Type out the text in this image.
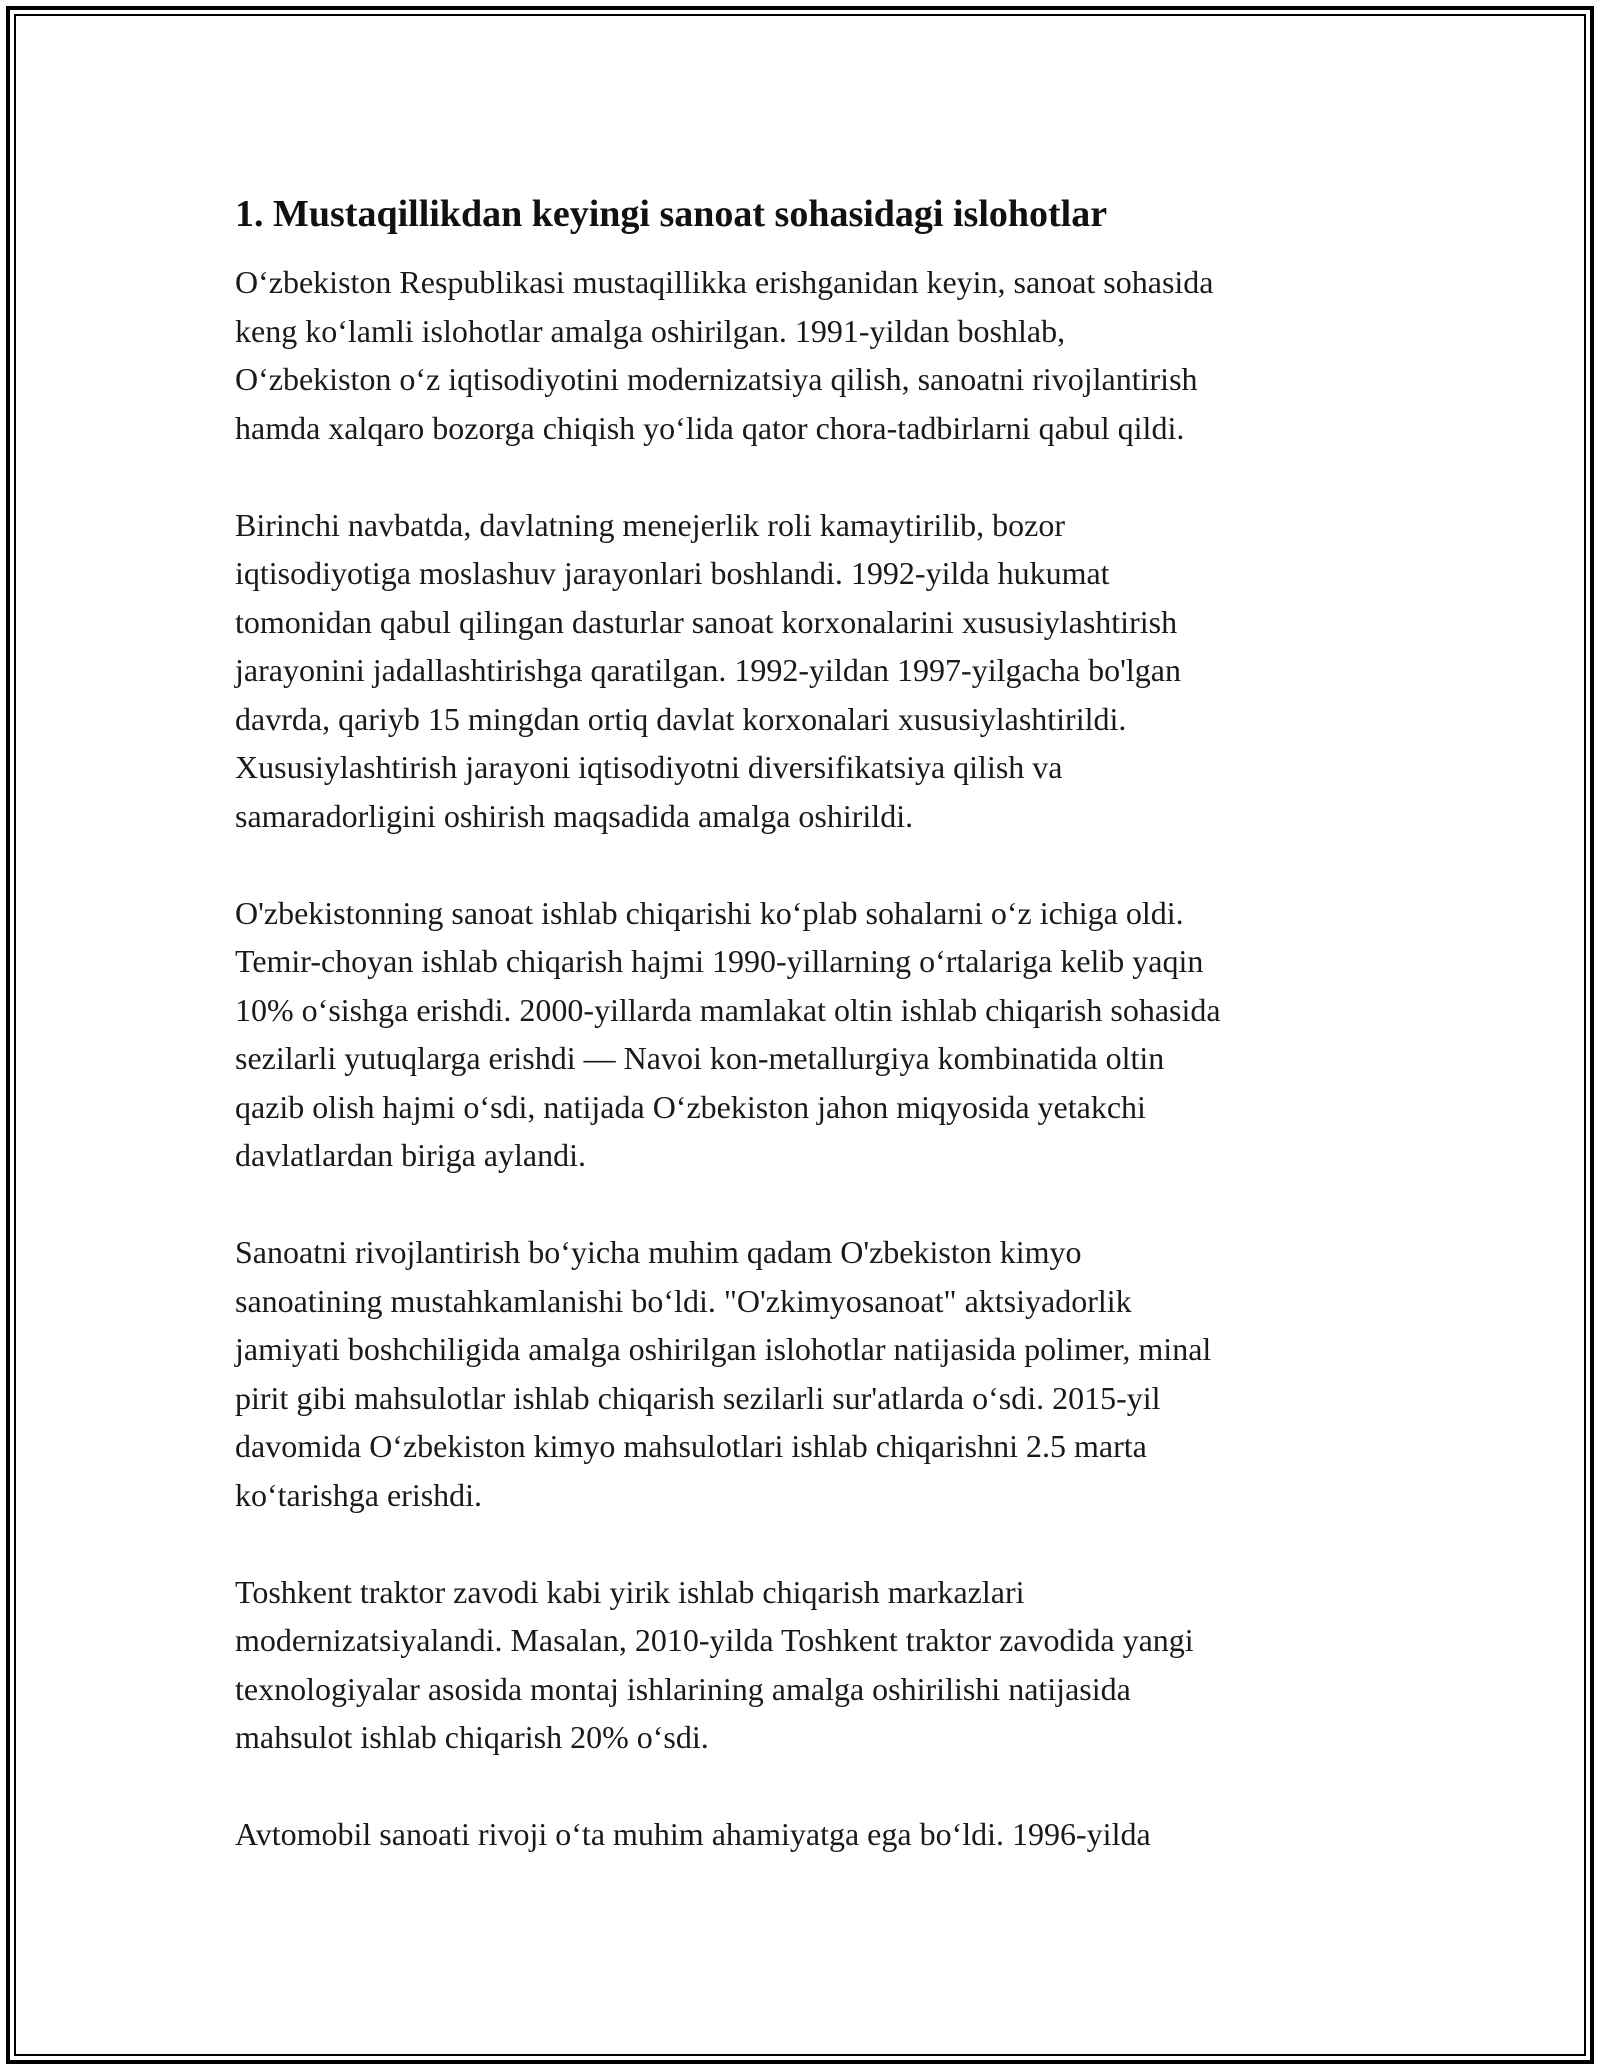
1. Mustaqillikdan keyingi sanoat sohasidagi islohotlar

O‘zbekiston Respublikasi mustaqillikka erishganidan keyin, sanoat sohasida
keng ko‘lamli islohotlar amalga oshirilgan. 1991-yildan boshlab,
O‘zbekiston o‘z iqtisodiyotini modernizatsiya qilish, sanoatni rivojlantirish
hamda xalqaro bozorga chiqish yo‘lida qator chora-tadbirlarni qabul qildi.

Birinchi navbatda, davlatning menejerlik roli kamaytirilib, bozor
iqtisodiyotiga moslashuv jarayonlari boshlandi. 1992-yilda hukumat
tomonidan qabul qilingan dasturlar sanoat korxonalarini xususiylashtirish
jarayonini jadallashtirishga qaratilgan. 1992-yildan 1997-yilgacha bo'lgan
davrda, qariyb 15 mingdan ortiq davlat korxonalari xususiylashtirildi.
Xususiylashtirish jarayoni iqtisodiyotni diversifikatsiya qilish va
samaradorligini oshirish maqsadida amalga oshirildi.

O'zbekistonning sanoat ishlab chiqarishi ko‘plab sohalarni o‘z ichiga oldi.
Temir-choyan ishlab chiqarish hajmi 1990-yillarning o‘rtalariga kelib yaqin
10% o‘sishga erishdi. 2000-yillarda mamlakat oltin ishlab chiqarish sohasida
sezilarli yutuqlarga erishdi — Navoi kon-metallurgiya kombinatida oltin
qazib olish hajmi o‘sdi, natijada O‘zbekiston jahon miqyosida yetakchi
davlatlardan biriga aylandi.

Sanoatni rivojlantirish bo‘yicha muhim qadam O'zbekiston kimyo
sanoatining mustahkamlanishi bo‘ldi. "O'zkimyosanoat" aktsiyadorlik
jamiyati boshchiligida amalga oshirilgan islohotlar natijasida polimer, minal
pirit gibi mahsulotlar ishlab chiqarish sezilarli sur'atlarda o‘sdi. 2015-yil
davomida O‘zbekiston kimyo mahsulotlari ishlab chiqarishni 2.5 marta
ko‘tarishga erishdi.

Toshkent traktor zavodi kabi yirik ishlab chiqarish markazlari
modernizatsiyalandi. Masalan, 2010-yilda Toshkent traktor zavodida yangi
texnologiyalar asosida montaj ishlarining amalga oshirilishi natijasida
mahsulot ishlab chiqarish 20% o‘sdi.

Avtomobil sanoati rivoji o‘ta muhim ahamiyatga ega bo‘ldi. 1996-yilda
